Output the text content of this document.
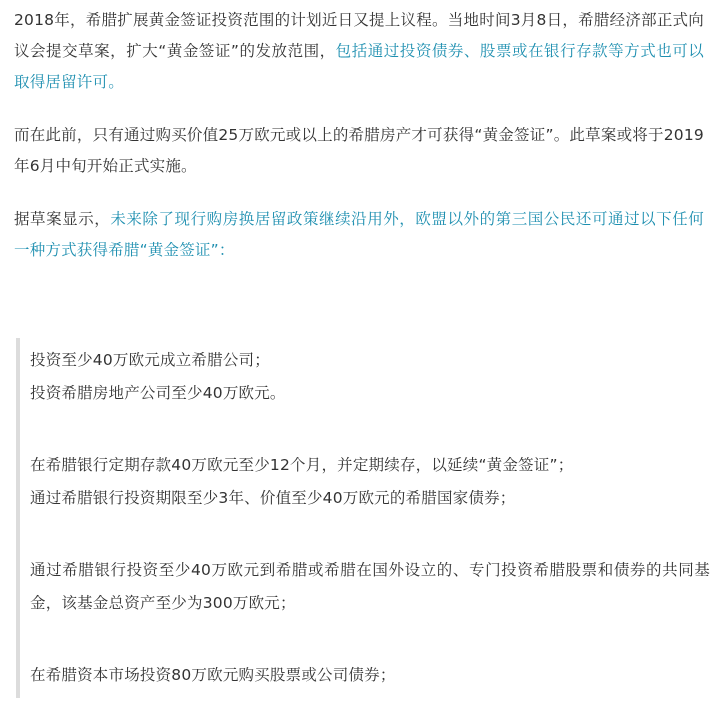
2018年，希腊扩展黄金签证投资范围的计划近日又提上议程。当地时间3月8日，希腊经济部正式向议会提交草案，扩大“黄金签证”的发放范围，包括通过投资债券、股票或在银行存款等方式也可以取得居留许可。

而在此前，只有通过购买价值25万欧元或以上的希腊房产才可获得“黄金签证”。此草案或将于2019年6月中旬开始正式实施。

据草案显示，未来除了现行购房换居留政策继续沿用外，欧盟以外的第三国公民还可通过以下任何一种方式获得希腊“黄金签证”：

投资至少40万欧元成立希腊公司；

投资希腊房地产公司至少40万欧元。

在希腊银行定期存款40万欧元至少12个月，并定期续存，以延续“黄金签证”；

通过希腊银行投资期限至少3年、价值至少40万欧元的希腊国家债券；

通过希腊银行投资至少40万欧元到希腊或希腊在国外设立的、专门投资希腊股票和债券的共同基金，该基金总资产至少为300万欧元；

在希腊资本市场投资80万欧元购买股票或公司债券；
